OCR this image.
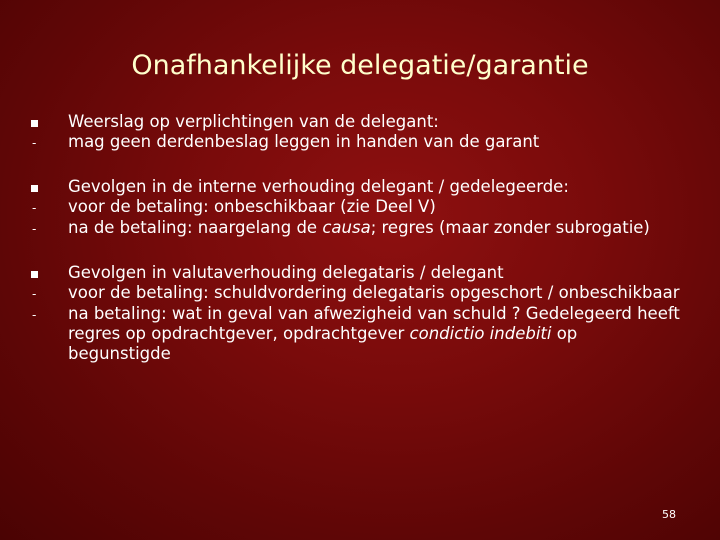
Onafhankelijke delegatie/garantie
Weerslag op verplichtingen van de delegant:
-	mag geen derdenbeslag leggen in handen van de garant
Gevolgen in de interne verhouding delegant / gedelegeerde:
-	voor de betaling: onbeschikbaar (zie Deel V)
-	na de betaling: naargelang de causa; regres (maar zonder subrogatie)
Gevolgen in valutaverhouding delegataris / delegant
-	voor de betaling: schuldvordering delegataris opgeschort / onbeschikbaar
-	na betaling: wat in geval van afwezigheid van schuld ? Gedelegeerd heeft regres op opdrachtgever, opdrachtgever condictio indebiti op begunstigde
58
